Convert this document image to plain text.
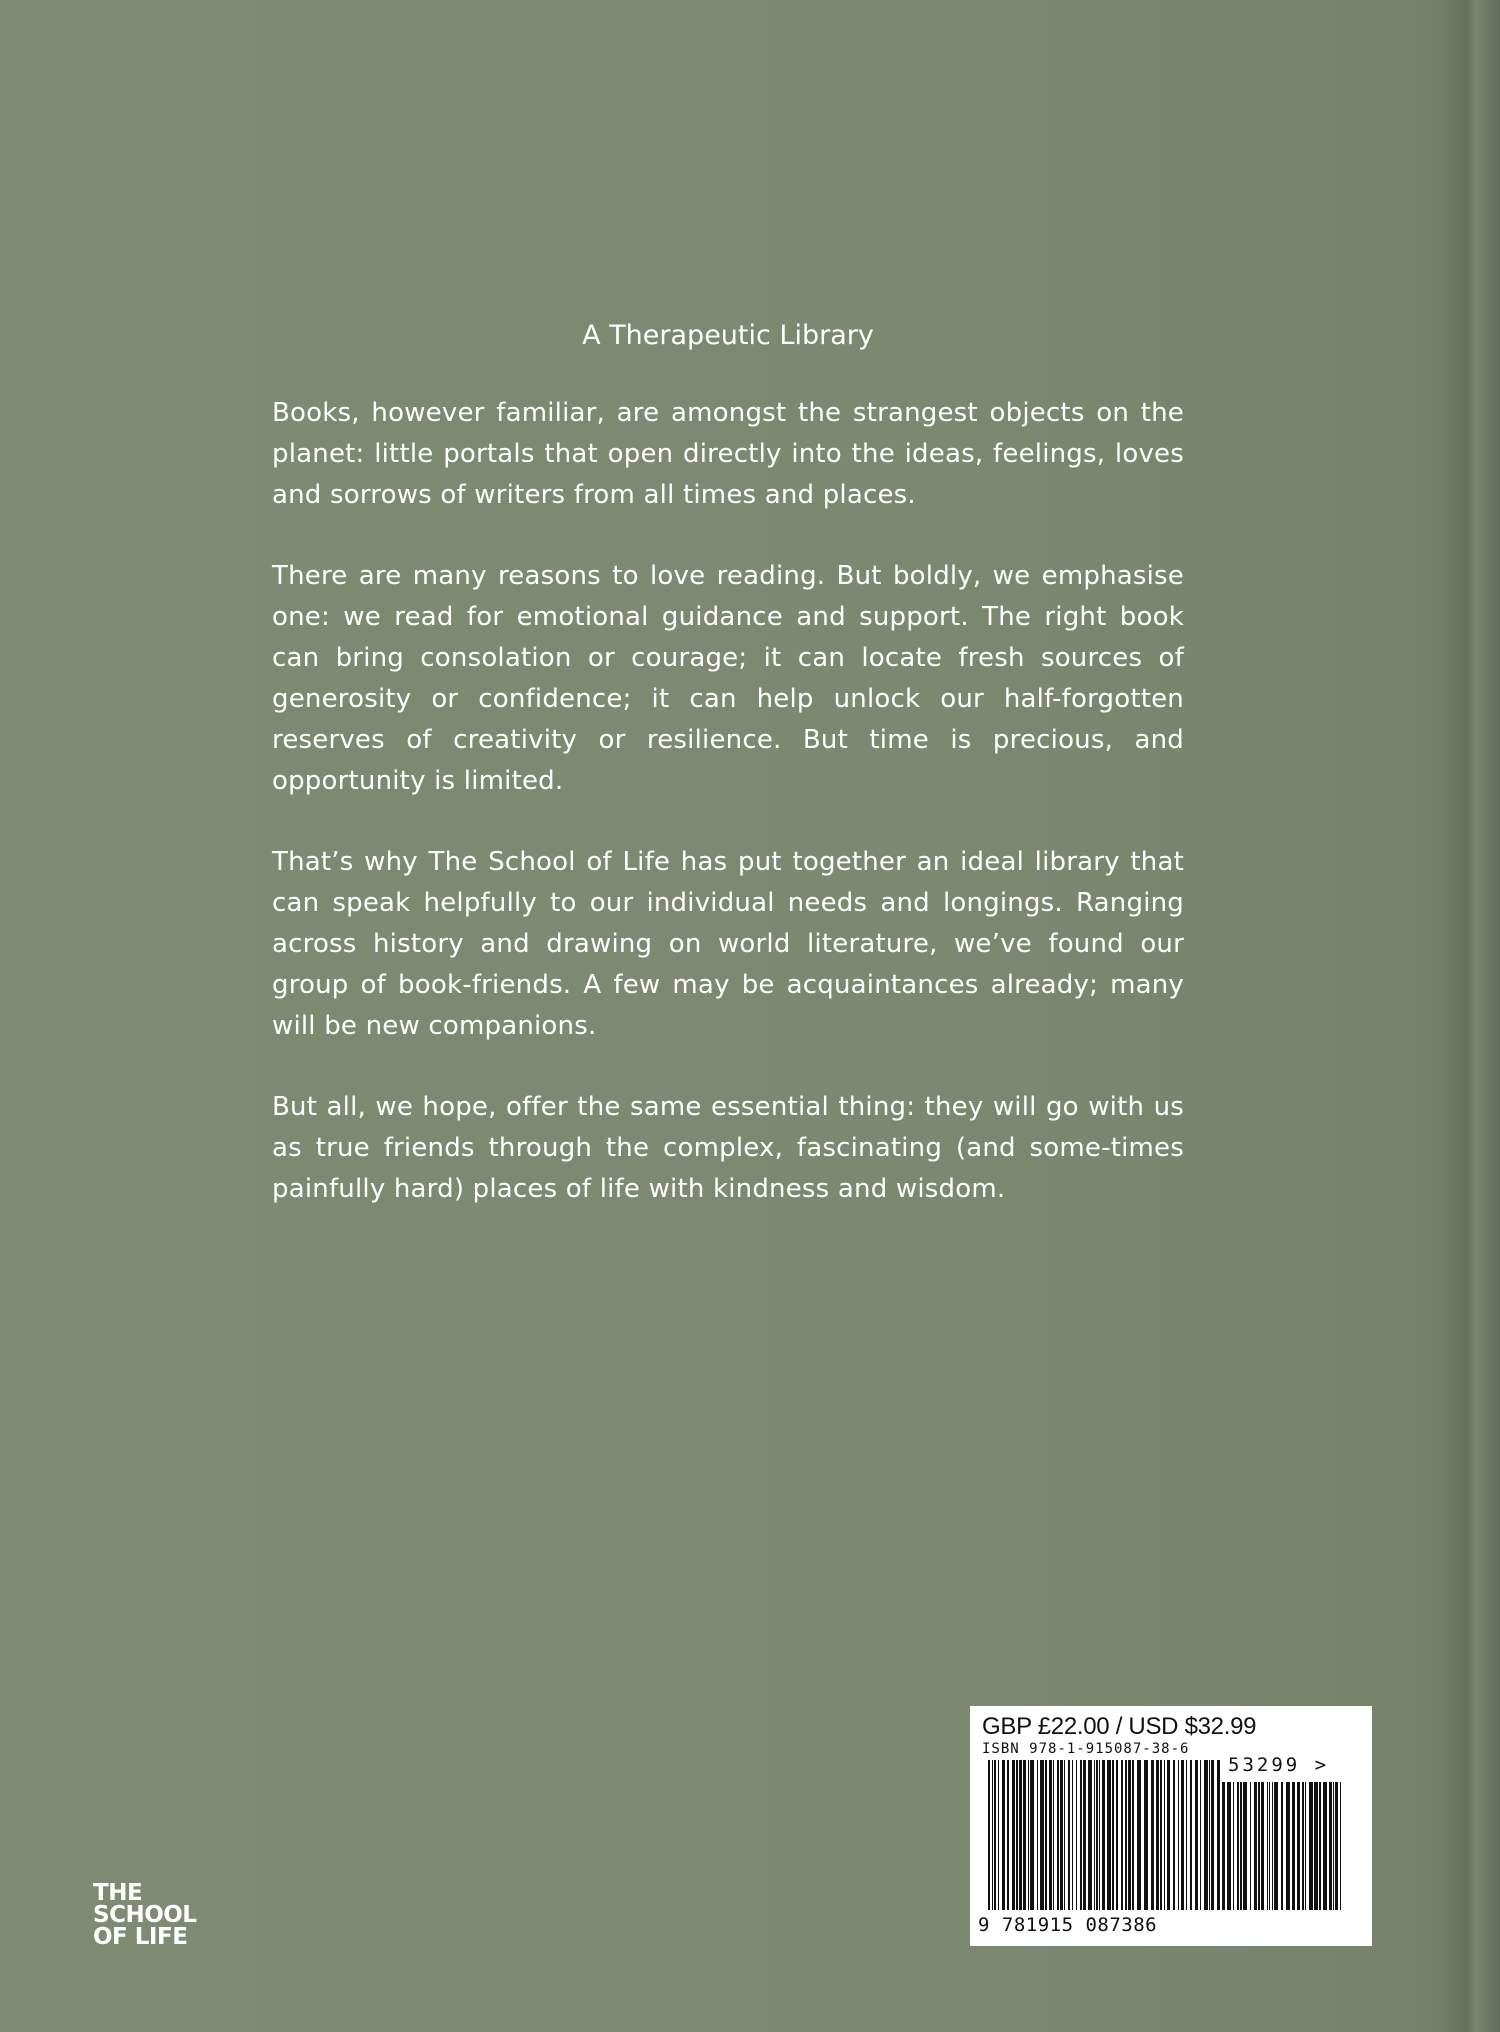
A Therapeutic Library

Books, however familiar, are amongst the strangest objects on the planet: little portals that open directly into the ideas, feelings, loves and sorrows of writers from all times and places.

There are many reasons to love reading. But boldly, we emphasise one: we read for emotional guidance and support. The right book can bring consolation or courage; it can locate fresh sources of generosity or confidence; it can help unlock our half-forgotten reserves of creativity or resilience. But time is precious, and opportunity is limited.

That’s why The School of Life has put together an ideal library that can speak helpfully to our individual needs and longings. Ranging across history and drawing on world literature, we’ve found our group of book-friends. A few may be acquaintances already; many will be new companions.

But all, we hope, offer the same essential thing: they will go with us as true friends through the complex, fascinating (and some-times painfully hard) places of life with kindness and wisdom.

THE
SCHOOL
OF LIFE
GBP £22.00 / USD $32.99
ISBN 978-1-915087-38-6
53299 >
9 781915 087386
